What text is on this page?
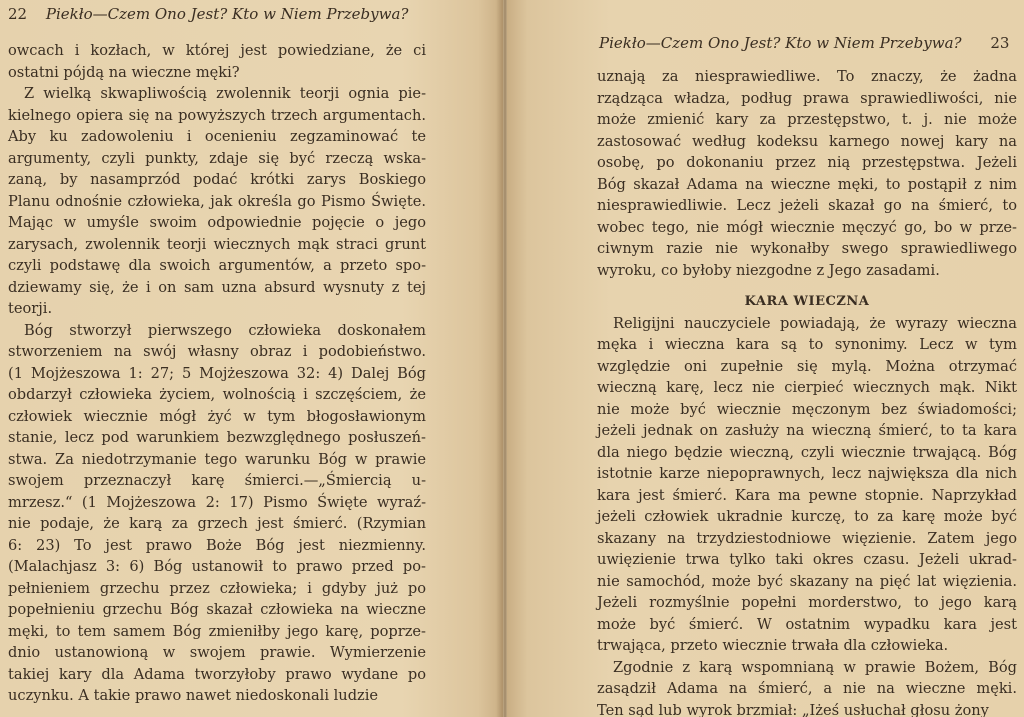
22 Piekło—Czem Ono Jest? Kto w Niem Przebywa?
owcach i kozłach, w której jest powiedziane, że ci
ostatni pójdą na wieczne męki?
Z wielką skwapliwością zwolennik teorji ognia pie-
kielnego opiera się na powyższych trzech argumentach.
Aby ku zadowoleniu i ocenieniu zegzaminować te
argumenty, czyli punkty, zdaje się być rzeczą wska-
zaną, by nasamprzód podać krótki zarys Boskiego
Planu odnośnie człowieka, jak określa go Pismo Święte.
Mając w umyśle swoim odpowiednie pojęcie o jego
zarysach, zwolennik teorji wiecznych mąk straci grunt
czyli podstawę dla swoich argumentów, a przeto spo-
dziewamy się, że i on sam uzna absurd wysnuty z tej
teorji.
Bóg stworzył pierwszego człowieka doskonałem
stworzeniem na swój własny obraz i podobieństwo.
(1 Mojżeszowa 1: 27; 5 Mojżeszowa 32: 4) Dalej Bóg
obdarzył człowieka życiem, wolnością i szczęściem, że
człowiek wiecznie mógł żyć w tym błogosławionym
stanie, lecz pod warunkiem bezwzględnego posłuszeń-
stwa. Za niedotrzymanie tego warunku Bóg w prawie
swojem przeznaczył karę śmierci.—„Śmiercią u-
mrzesz.“ (1 Mojżeszowa 2: 17) Pismo Święte wyraź-
nie podaje, że karą za grzech jest śmierć. (Rzymian
6: 23) To jest prawo Boże Bóg jest niezmienny.
(Malachjasz 3: 6) Bóg ustanowił to prawo przed po-
pełnieniem grzechu przez człowieka; i gdyby już po
popełnieniu grzechu Bóg skazał człowieka na wieczne
męki, to tem samem Bóg zmieniłby jego karę, poprze-
dnio ustanowioną w swojem prawie. Wymierzenie
takiej kary dla Adama tworzyłoby prawo wydane po
uczynku. A takie prawo nawet niedoskonali ludzie
Piekło—Czem Ono Jest? Kto w Niem Przebywa? 23
uznają za niesprawiedliwe. To znaczy, że żadna
rządząca władza, podług prawa sprawiedliwości, nie
może zmienić kary za przestępstwo, t. j. nie może
zastosować według kodeksu karnego nowej kary na
osobę, po dokonaniu przez nią przestępstwa. Jeżeli
Bóg skazał Adama na wieczne męki, to postąpił z nim
niesprawiedliwie. Lecz jeżeli skazał go na śmierć, to
wobec tego, nie mógł wiecznie męczyć go, bo w prze-
ciwnym razie nie wykonałby swego sprawiedliwego
wyroku, co byłoby niezgodne z Jego zasadami.
KARA WIECZNA
Religijni nauczyciele powiadają, że wyrazy wieczna
męka i wieczna kara są to synonimy. Lecz w tym
względzie oni zupełnie się mylą. Można otrzymać
wieczną karę, lecz nie cierpieć wiecznych mąk. Nikt
nie może być wiecznie męczonym bez świadomości;
jeżeli jednak on zasłuży na wieczną śmierć, to ta kara
dla niego będzie wieczną, czyli wiecznie trwającą. Bóg
istotnie karze niepoprawnych, lecz największa dla nich
kara jest śmierć. Kara ma pewne stopnie. Naprzykład
jeżeli człowiek ukradnie kurczę, to za karę może być
skazany na trzydziestodniowe więzienie. Zatem jego
uwięzienie trwa tylko taki okres czasu. Jeżeli ukrad-
nie samochód, może być skazany na pięć lat więzienia.
Jeżeli rozmyślnie popełni morderstwo, to jego karą
może być śmierć. W ostatnim wypadku kara jest
trwająca, przeto wiecznie trwała dla człowieka.
Zgodnie z karą wspomnianą w prawie Bożem, Bóg
zasądził Adama na śmierć, a nie na wieczne męki.
Ten sąd lub wyrok brzmiał: „Iżeś usłuchał głosu żony
